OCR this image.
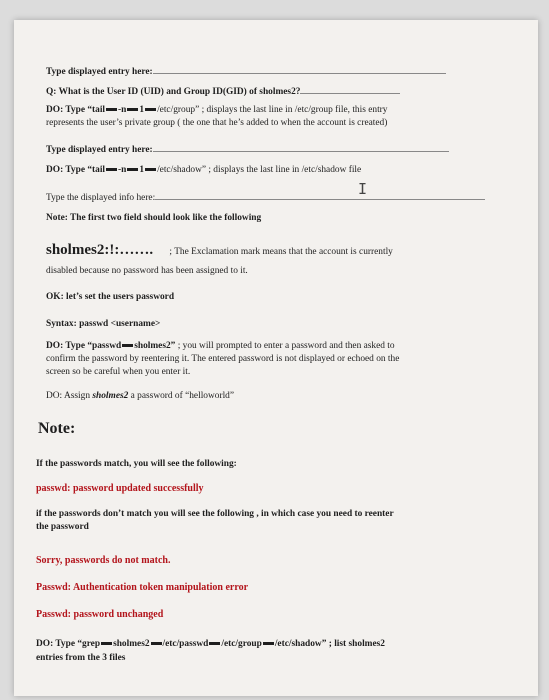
Type displayed entry here:
Q: What is the User ID (UID) and Group ID(GID) of sholmes2?
DO: Type “tail -n 1 /etc/group” ; displays the last line in /etc/group file, this entry
represents the user’s private group ( the one that he’s added to when the account is created)
Type displayed entry here:
DO: Type “tail -n 1 /etc/shadow” ; displays the last line in /etc/shadow file
Type the displayed info here:	I
Note: The first two field should look like the following
sholmes2:!:……. ; The Exclamation mark means that the account is currently
disabled because no password has been assigned to it.
OK: let’s set the users password
Syntax: passwd <username>
DO: Type “passwd sholmes2” ; you will prompted to enter a password and then asked to
confirm the password by reentering it. The entered password is not displayed or echoed on the
screen so be careful when you enter it.
DO: Assign sholmes2 a password of “helloworld”
Note:
If the passwords match, you will see the following:
passwd: password updated successfully
if the passwords don’t match you will see the following , in which case you need to reenter
the password
Sorry, passwords do not match.
Passwd: Authentication token manipulation error
Passwd: password unchanged
DO: Type “grep sholmes2 /etc/passwd /etc/group /etc/shadow” ; list sholmes2
entries from the 3 files
